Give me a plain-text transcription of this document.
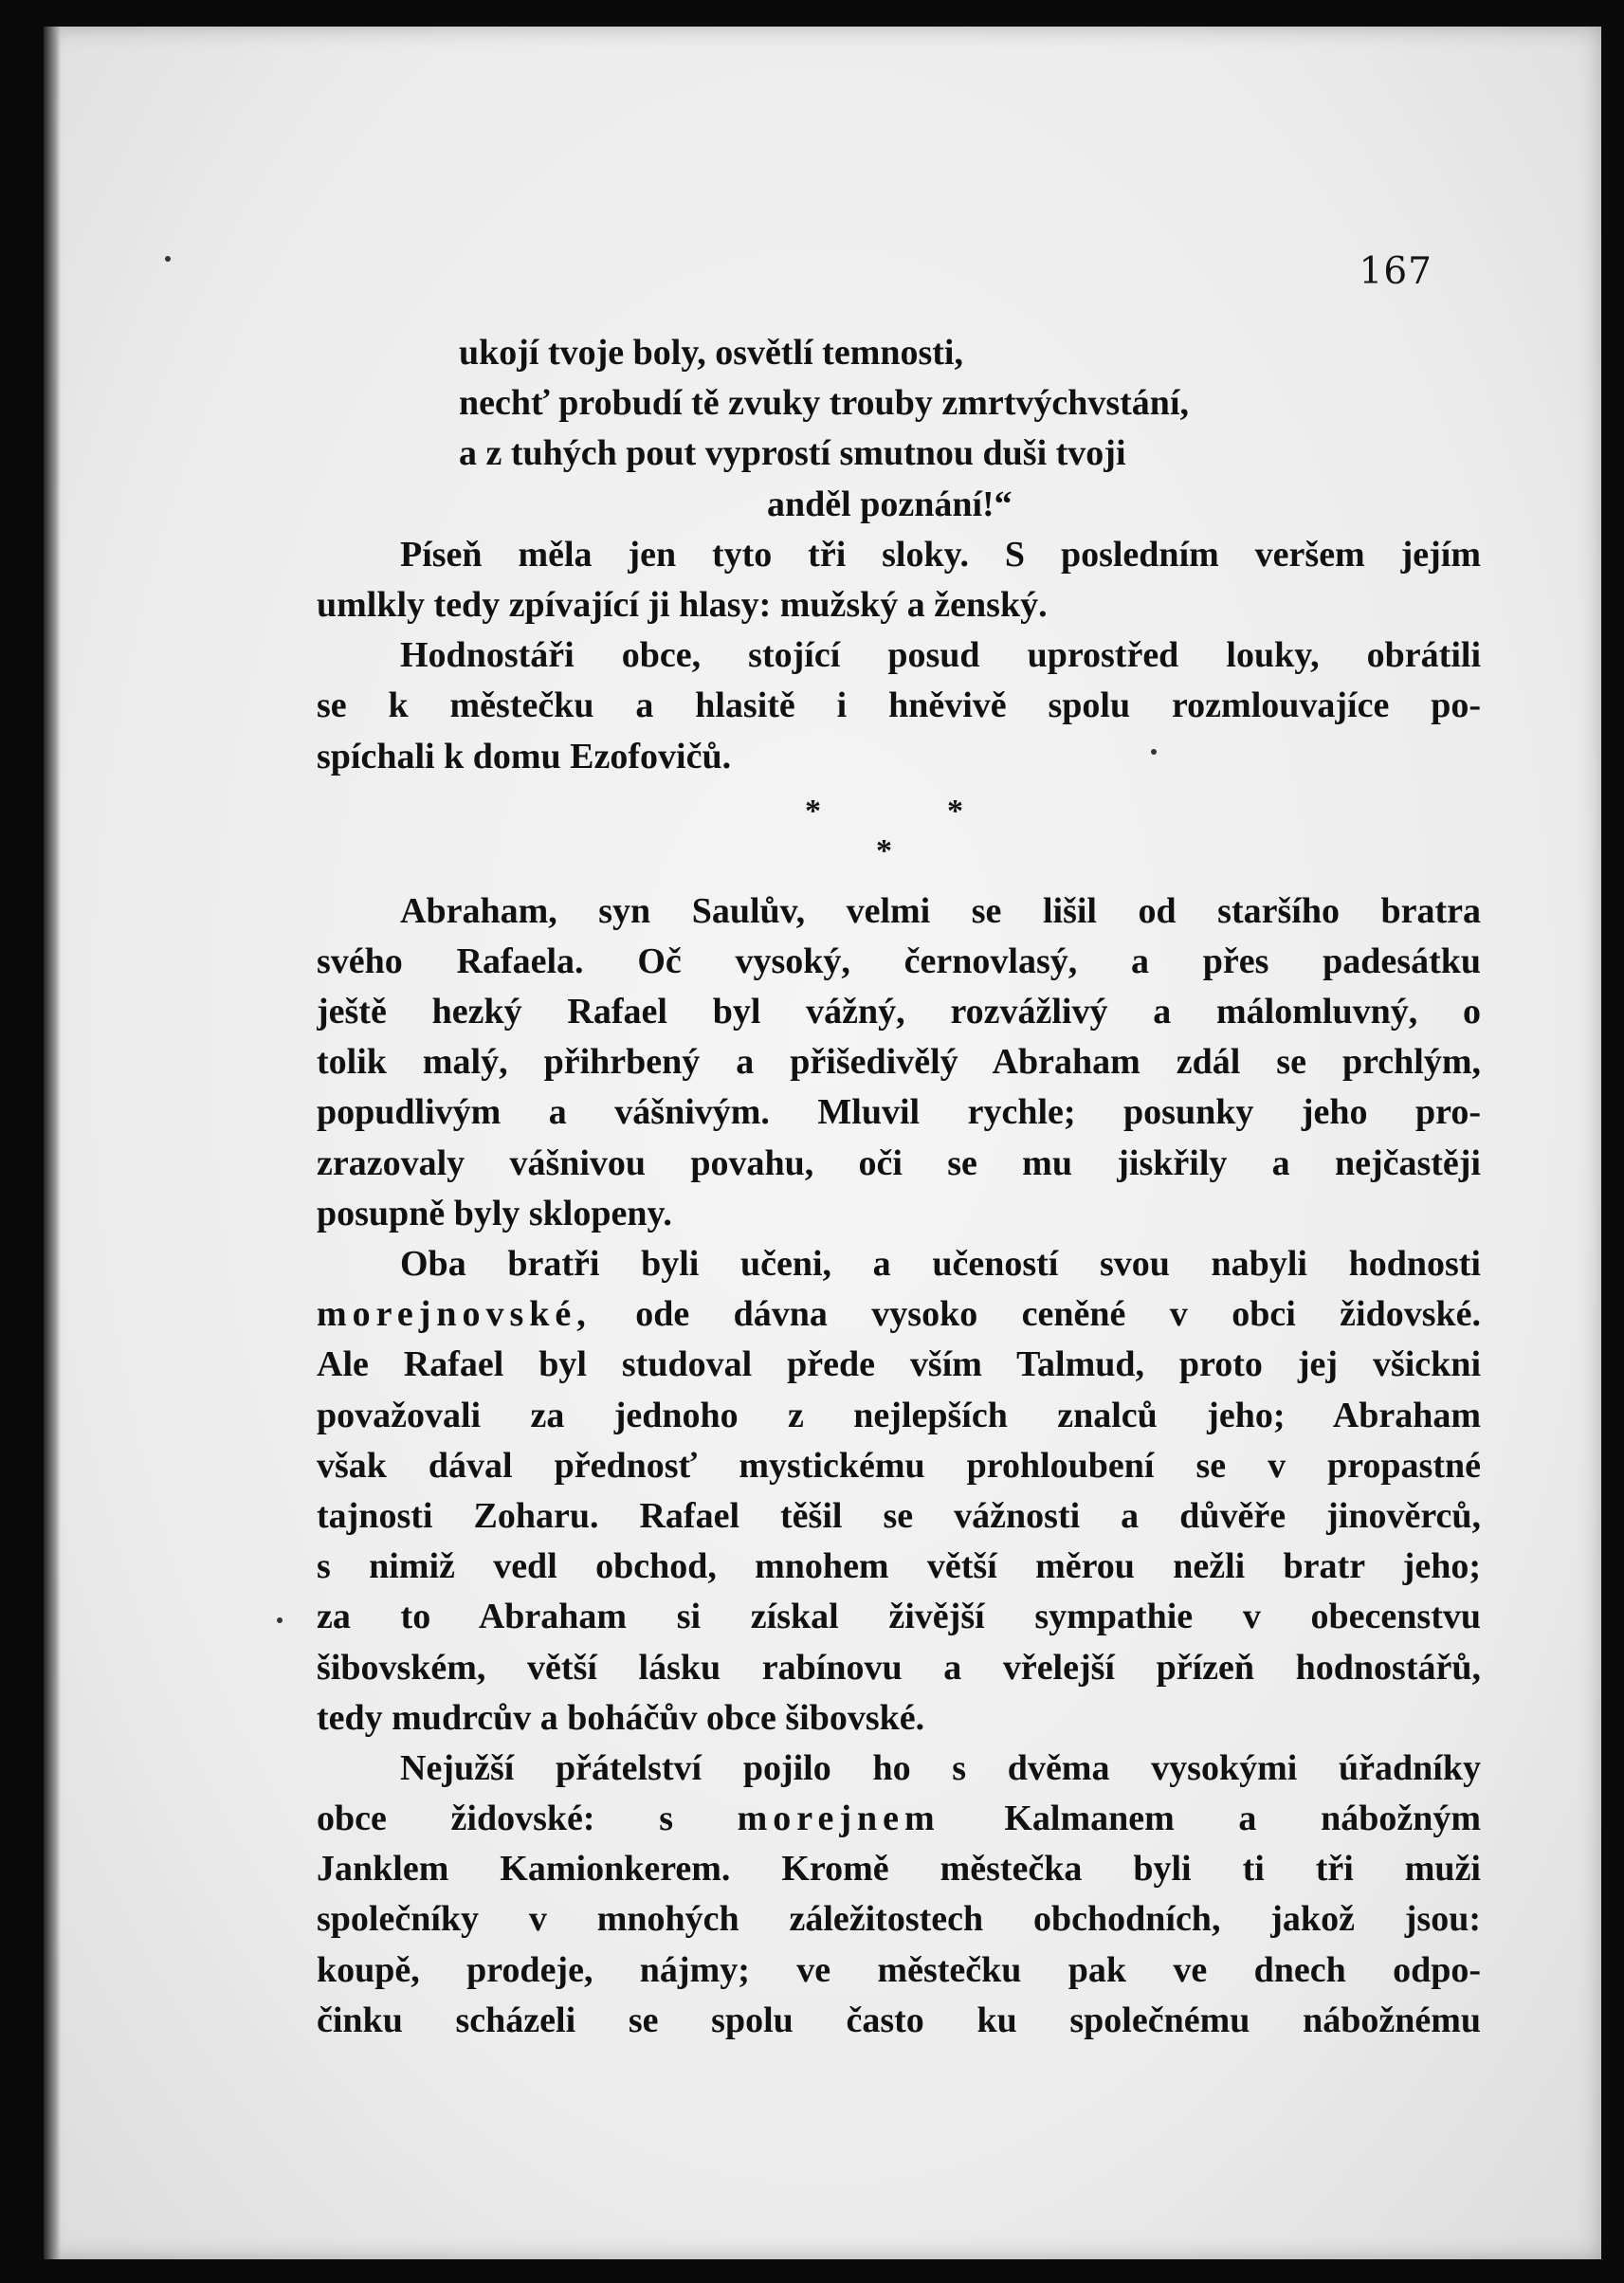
167
ukojí tvoje boly, osvětlí temnosti,
nechť probudí tě zvuky trouby zmrtvýchvstání,
a z tuhých pout vyprostí smutnou duši tvoji
anděl poznání!“
Píseň měla jen tyto tři sloky. S posledním veršem jejím
umlkly tedy zpívající ji hlasy: mužský a ženský.
Hodnostáři obce, stojící posud uprostřed louky, obrátili
se k městečku a hlasitě i hněvivě spolu rozmlouvajíce po-
spíchali k domu Ezofovičů.
*	*
*
Abraham, syn Saulův, velmi se lišil od staršího bratra
svého Rafaela. Oč vysoký, černovlasý, a přes padesátku
ještě hezký Rafael byl vážný, rozvážlivý a málomluvný, o
tolik malý, přihrbený a přišedivělý Abraham zdál se prchlým,
popudlivým a vášnivým. Mluvil rychle; posunky jeho pro-
zrazovaly vášnivou povahu, oči se mu jiskřily a nejčastěji
posupně byly sklopeny.
Oba bratři byli učeni, a učeností svou nabyli hodnosti
morejnovské, ode dávna vysoko ceněné v obci židovské.
Ale Rafael byl studoval přede vším Talmud, proto jej všickni
považovali za jednoho z nejlepších znalců jeho; Abraham
však dával přednosť mystickému prohloubení se v propastné
tajnosti Zoharu. Rafael těšil se vážnosti a důvěře jinověrců,
s nimiž vedl obchod, mnohem větší měrou nežli bratr jeho;
za to Abraham si získal živější sympathie v obecenstvu
šibovském, větší lásku rabínovu a vřelejší přízeň hodnostářů,
tedy mudrcův a boháčův obce šibovské.
Nejužší přátelství pojilo ho s dvěma vysokými úřadníky
obce židovské: s morejnem Kalmanem a nábožným
Janklem Kamionkerem. Kromě městečka byli ti tři muži
společníky v mnohých záležitostech obchodních, jakož jsou:
koupě, prodeje, nájmy; ve městečku pak ve dnech odpo-
činku scházeli se spolu často ku společnému nábožnému
